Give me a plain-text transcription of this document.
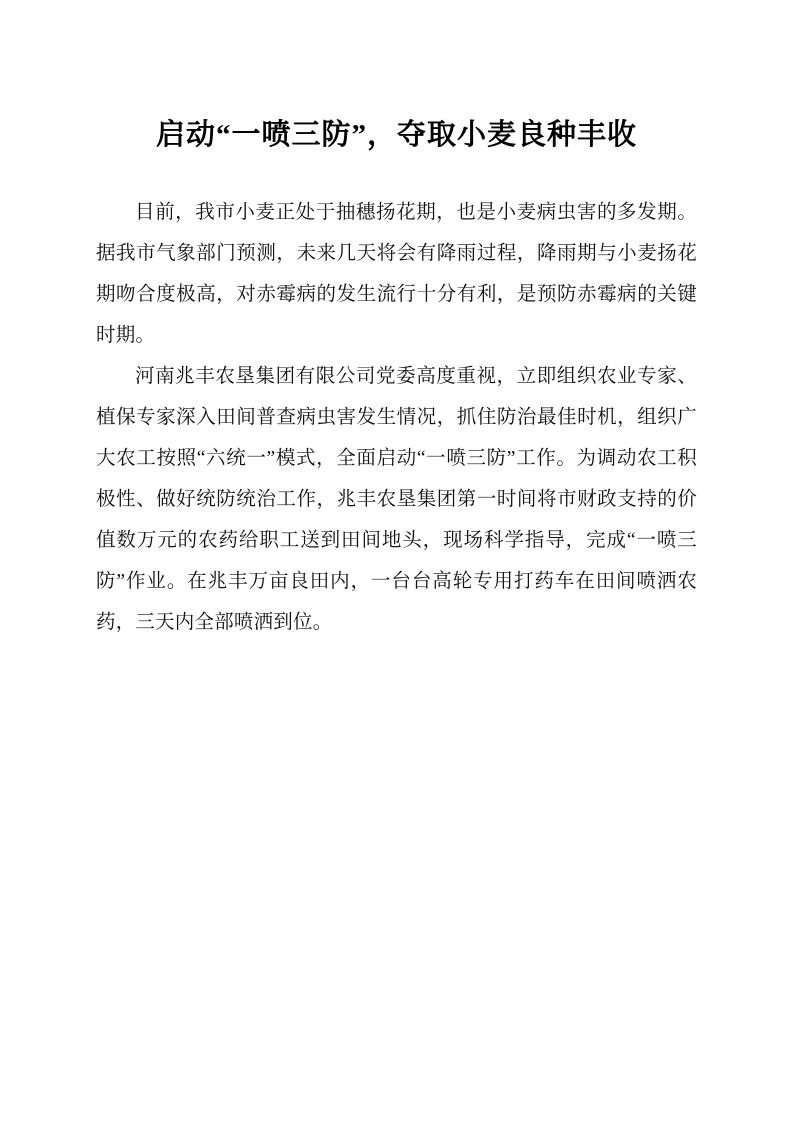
启动“一喷三防”，夺取小麦良种丰收

目前，我市小麦正处于抽穗扬花期，也是小麦病虫害的多发期。据我市气象部门预测，未来几天将会有降雨过程，降雨期与小麦扬花期吻合度极高，对赤霉病的发生流行十分有利，是预防赤霉病的关键时期。

河南兆丰农垦集团有限公司党委高度重视，立即组织农业专家、植保专家深入田间普查病虫害发生情况，抓住防治最佳时机，组织广大农工按照“六统一”模式，全面启动“一喷三防”工作。为调动农工积极性、做好统防统治工作，兆丰农垦集团第一时间将市财政支持的价值数万元的农药给职工送到田间地头，现场科学指导，完成“一喷三防”作业。在兆丰万亩良田内，一台台高轮专用打药车在田间喷洒农药，三天内全部喷洒到位。
